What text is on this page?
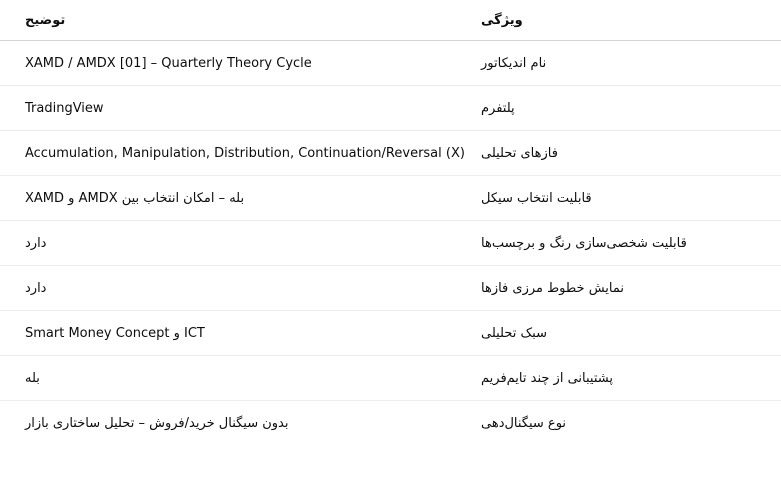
توضیح	ویژگی
XAMD / AMDX [01] – Quarterly Theory Cycle	نام اندیکاتور
TradingView	پلتفرم
Accumulation, Manipulation, Distribution, Continuation/Reversal (X) فازهای تحلیلی
بله – امکان انتخاب بین AMDX و XAMD	قابلیت انتخاب سیکل
دارد	قابلیت شخصی‌سازی رنگ و برچسب‌ها
دارد	نمایش خطوط مرزی فازها
ICT و Smart Money Concept	سبک تحلیلی
بله	پشتیبانی از چند تایم‌فریم
بدون سیگنال خرید/فروش – تحلیل ساختاری بازار	نوع سیگنال‌دهی
